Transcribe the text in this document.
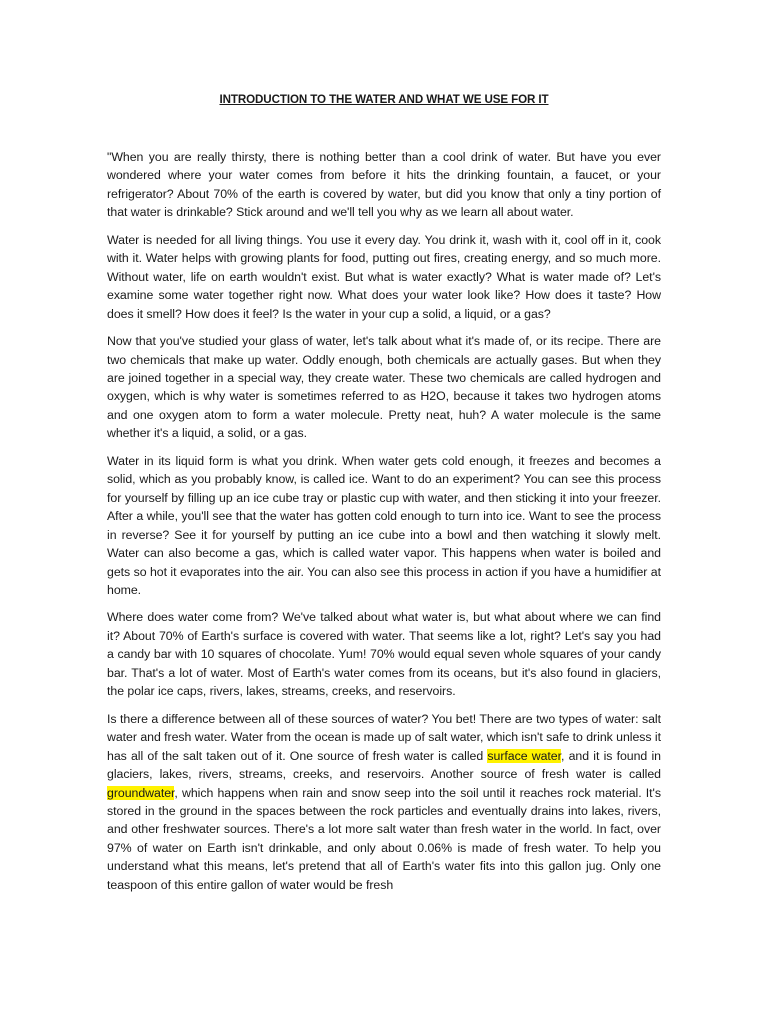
INTRODUCTION TO THE WATER AND WHAT WE USE FOR IT

"When you are really thirsty, there is nothing better than a cool drink of water. But have you ever wondered where your water comes from before it hits the drinking fountain, a faucet, or your refrigerator? About 70% of the earth is covered by water, but did you know that only a tiny portion of that water is drinkable? Stick around and we'll tell you why as we learn all about water.

Water is needed for all living things. You use it every day. You drink it, wash with it, cool off in it, cook with it. Water helps with growing plants for food, putting out fires, creating energy, and so much more. Without water, life on earth wouldn't exist. But what is water exactly? What is water made of? Let's examine some water together right now. What does your water look like? How does it taste? How does it smell? How does it feel? Is the water in your cup a solid, a liquid, or a gas?

Now that you've studied your glass of water, let's talk about what it's made of, or its recipe. There are two chemicals that make up water. Oddly enough, both chemicals are actually gases. But when they are joined together in a special way, they create water. These two chemicals are called hydrogen and oxygen, which is why water is sometimes referred to as H2O, because it takes two hydrogen atoms and one oxygen atom to form a water molecule. Pretty neat, huh? A water molecule is the same whether it's a liquid, a solid, or a gas.

Water in its liquid form is what you drink. When water gets cold enough, it freezes and becomes a solid, which as you probably know, is called ice. Want to do an experiment? You can see this process for yourself by filling up an ice cube tray or plastic cup with water, and then sticking it into your freezer. After a while, you'll see that the water has gotten cold enough to turn into ice. Want to see the process in reverse? See it for yourself by putting an ice cube into a bowl and then watching it slowly melt. Water can also become a gas, which is called water vapor. This happens when water is boiled and gets so hot it evaporates into the air. You can also see this process in action if you have a humidifier at home.

Where does water come from? We've talked about what water is, but what about where we can find it? About 70% of Earth's surface is covered with water. That seems like a lot, right? Let's say you had a candy bar with 10 squares of chocolate. Yum! 70% would equal seven whole squares of your candy bar. That's a lot of water. Most of Earth's water comes from its oceans, but it's also found in glaciers, the polar ice caps, rivers, lakes, streams, creeks, and reservoirs.

Is there a difference between all of these sources of water? You bet! There are two types of water: salt water and fresh water. Water from the ocean is made up of salt water, which isn't safe to drink unless it has all of the salt taken out of it. One source of fresh water is called surface water, and it is found in glaciers, lakes, rivers, streams, creeks, and reservoirs. Another source of fresh water is called groundwater, which happens when rain and snow seep into the soil until it reaches rock material. It's stored in the ground in the spaces between the rock particles and eventually drains into lakes, rivers, and other freshwater sources. There's a lot more salt water than fresh water in the world. In fact, over 97% of water on Earth isn't drinkable, and only about 0.06% is made of fresh water. To help you understand what this means, let's pretend that all of Earth's water fits into this gallon jug. Only one teaspoon of this entire gallon of water would be fresh
